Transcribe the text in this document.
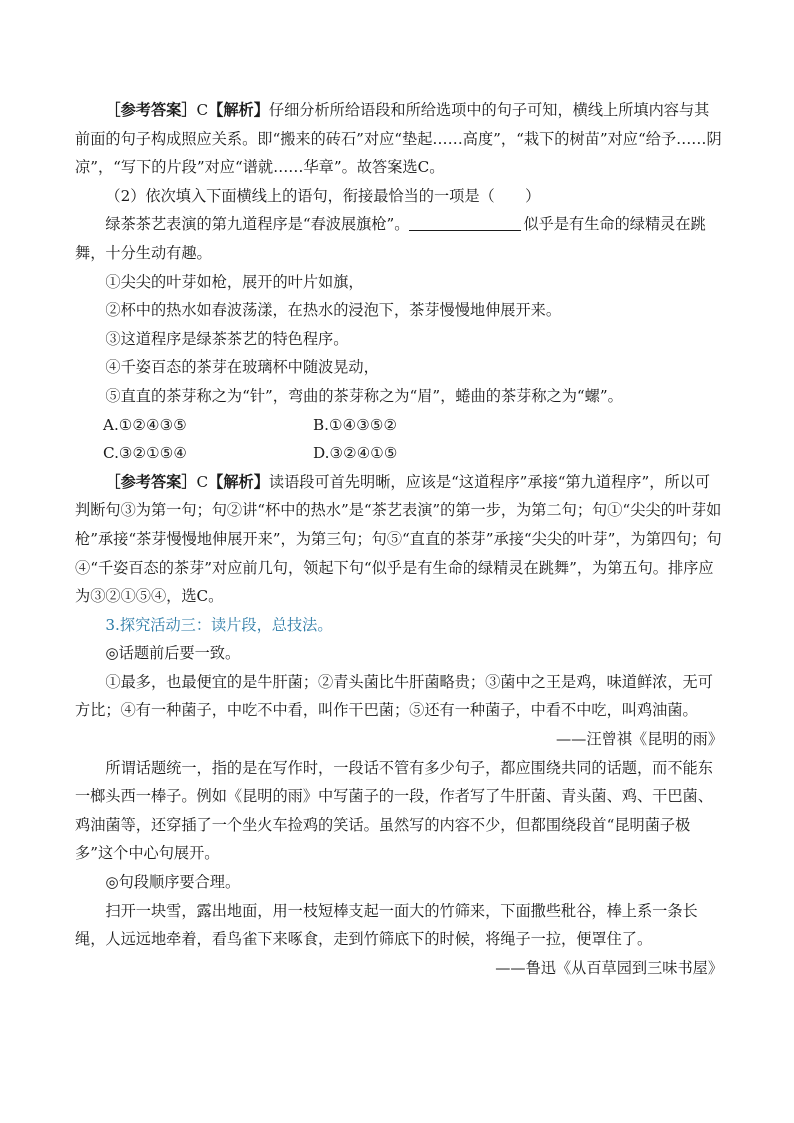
［参考答案］C【解析】仔细分析所给语段和所给选项中的句子可知，横线上所填内容与其前面的句子构成照应关系。即“搬来的砖石”对应“垫起……高度”，“栽下的树苗”对应“给予……阴凉”，“写下的片段”对应“谱就……华章”。故答案选C。

（2）依次填入下面横线上的语句，衔接最恰当的一项是（　　）

绿茶茶艺表演的第九道程序是“春波展旗枪”。	似乎是有生命的绿精灵在跳舞，十分生动有趣。

①尖尖的叶芽如枪，展开的叶片如旗，

②杯中的热水如春波荡漾，在热水的浸泡下，茶芽慢慢地伸展开来。

③这道程序是绿茶茶艺的特色程序。

④千姿百态的茶芽在玻璃杯中随波晃动，

⑤直直的茶芽称之为“针”，弯曲的茶芽称之为“眉”，蜷曲的茶芽称之为“螺”。

A.①②④③⑤	B.①④③⑤②
C.③②①⑤④	D.③②④①⑤

［参考答案］C【解析】读语段可首先明晰，应该是“这道程序”承接“第九道程序”，所以可判断句③为第一句；句②讲“杯中的热水”是“茶艺表演”的第一步，为第二句；句①“尖尖的叶芽如枪”承接“茶芽慢慢地伸展开来”，为第三句；句⑤“直直的茶芽”承接“尖尖的叶芽”，为第四句；句④“千姿百态的茶芽”对应前几句，领起下句“似乎是有生命的绿精灵在跳舞”，为第五句。排序应为③②①⑤④，选C。

3.探究活动三：读片段，总技法。

◎话题前后要一致。

①最多，也最便宜的是牛肝菌；②青头菌比牛肝菌略贵；③菌中之王是鸡，味道鲜浓，无可方比；④有一种菌子，中吃不中看，叫作干巴菌；⑤还有一种菌子，中看不中吃，叫鸡油菌。

——汪曾祺《昆明的雨》

所谓话题统一，指的是在写作时，一段话不管有多少句子，都应围绕共同的话题，而不能东一榔头西一棒子。例如《昆明的雨》中写菌子的一段，作者写了牛肝菌、青头菌、鸡、干巴菌、鸡油菌等，还穿插了一个坐火车捡鸡的笑话。虽然写的内容不少，但都围绕段首“昆明菌子极多”这个中心句展开。

◎句段顺序要合理。

扫开一块雪，露出地面，用一枝短棒支起一面大的竹筛来，下面撒些秕谷，棒上系一条长绳，人远远地牵着，看鸟雀下来啄食，走到竹筛底下的时候，将绳子一拉，便罩住了。

——鲁迅《从百草园到三味书屋》
